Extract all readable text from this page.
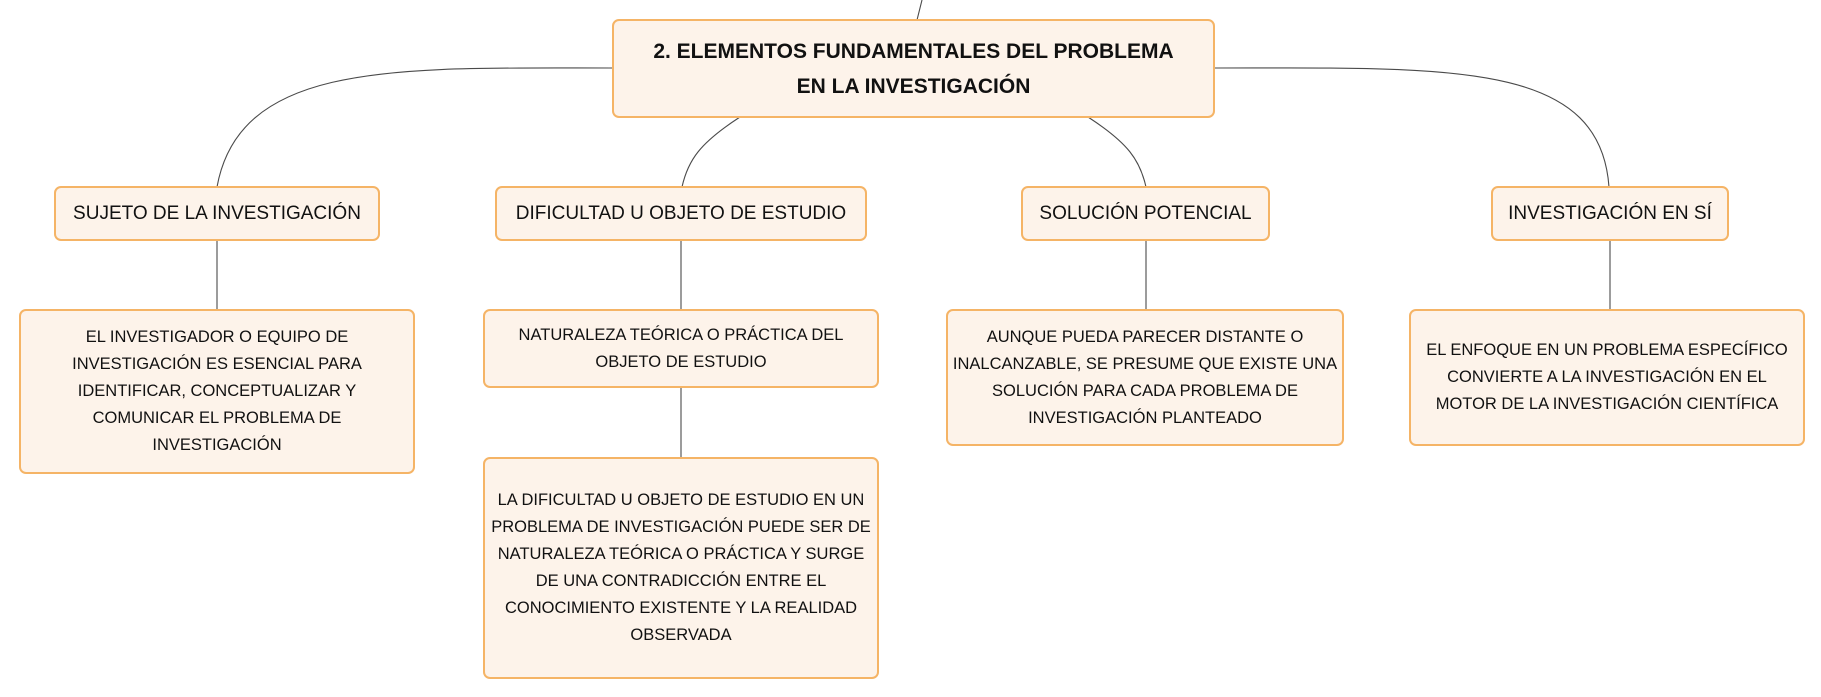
2. ELEMENTOS FUNDAMENTALES DEL PROBLEMA
EN LA INVESTIGACIÓN
SUJETO DE LA INVESTIGACIÓN	DIFICULTAD U OBJETO DE ESTUDIO	SOLUCIÓN POTENCIAL	INVESTIGACIÓN EN SÍ
EL INVESTIGADOR O EQUIPO DE
INVESTIGACIÓN ES ESENCIAL PARA
IDENTIFICAR, CONCEPTUALIZAR Y
COMUNICAR EL PROBLEMA DE
INVESTIGACIÓN
NATURALEZA TEÓRICA O PRÁCTICA DEL
OBJETO DE ESTUDIO
LA DIFICULTAD U OBJETO DE ESTUDIO EN UN
PROBLEMA DE INVESTIGACIÓN PUEDE SER DE
NATURALEZA TEÓRICA O PRÁCTICA Y SURGE
DE UNA CONTRADICCIÓN ENTRE EL
CONOCIMIENTO EXISTENTE Y LA REALIDAD
OBSERVADA
AUNQUE PUEDA PARECER DISTANTE O
INALCANZABLE, SE PRESUME QUE EXISTE UNA
SOLUCIÓN PARA CADA PROBLEMA DE
INVESTIGACIÓN PLANTEADO
EL ENFOQUE EN UN PROBLEMA ESPECÍFICO
CONVIERTE A LA INVESTIGACIÓN EN EL
MOTOR DE LA INVESTIGACIÓN CIENTÍFICA
